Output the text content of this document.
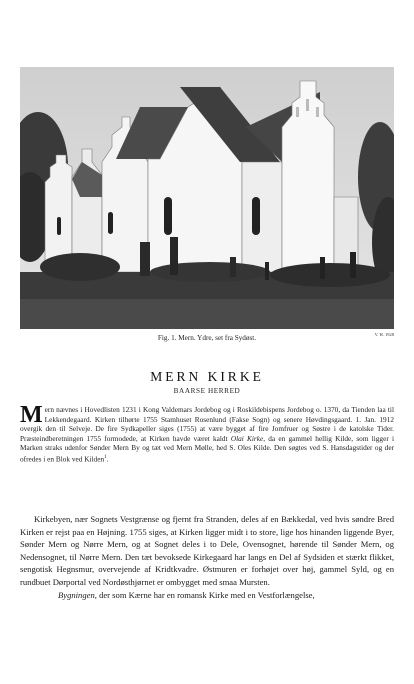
V. H. 1928
Fig. 1. Mern. Ydre, set fra Sydøst.
MERN KIRKE
BAARSE HERRED
Mern nævnes i Hovedlisten 1231 i Kong Valdemars Jordebog og i Roskildebispens Jordebog o. 1370, da Tienden laa til Lekkendegaard. Kirken tilhørte 1755 Stamhuset Rosenlund (Fakse Sogn) og senere Høvdingsgaard. 1. Jan. 1912 overgik den til Selveje. De fire Sydkapeller siges (1755) at være bygget af fire Jomfruer og Søstre i de katolske Tider. Præsteindberetningen 1755 formodede, at Kirken havde været kaldt Olai Kirke, da en gammel hellig Kilde, som ligger i Marken straks udenfor Sønder Mern By og tæt ved Mern Mølle, hed S. Oles Kilde. Den søgtes ved S. Hansdagstider og der ofredes i en Blok ved Kilden$^1$.

Kirkebyen, nær Sognets Vestgrænse og fjernt fra Stranden, deles af en Bækkedal, ved hvis søndre Bred Kirken er rejst paa en Højning. 1755 siges, at Kirken ligger midt i to store, lige hos hinanden liggende Byer, Sønder Mern og Nørre Mern, og at Sognet deles i to Dele, Ovensognet, hørende til Sønder Mern, og Nedensognet, til Nørre Mern. Den tæt bevoksede Kirkegaard har langs en Del af Sydsiden et stærkt flikket, sengotisk Hegnsmur, overvejende af Kridtkvadre. Østmuren er forhøjet over høj, gammel Syld, og en rundbuet Dørportal ved Nordøsthjørnet er ombygget med smaa Mursten.

Bygningen, der som Kærne har en romansk Kirke med en Vestforlængelse,
